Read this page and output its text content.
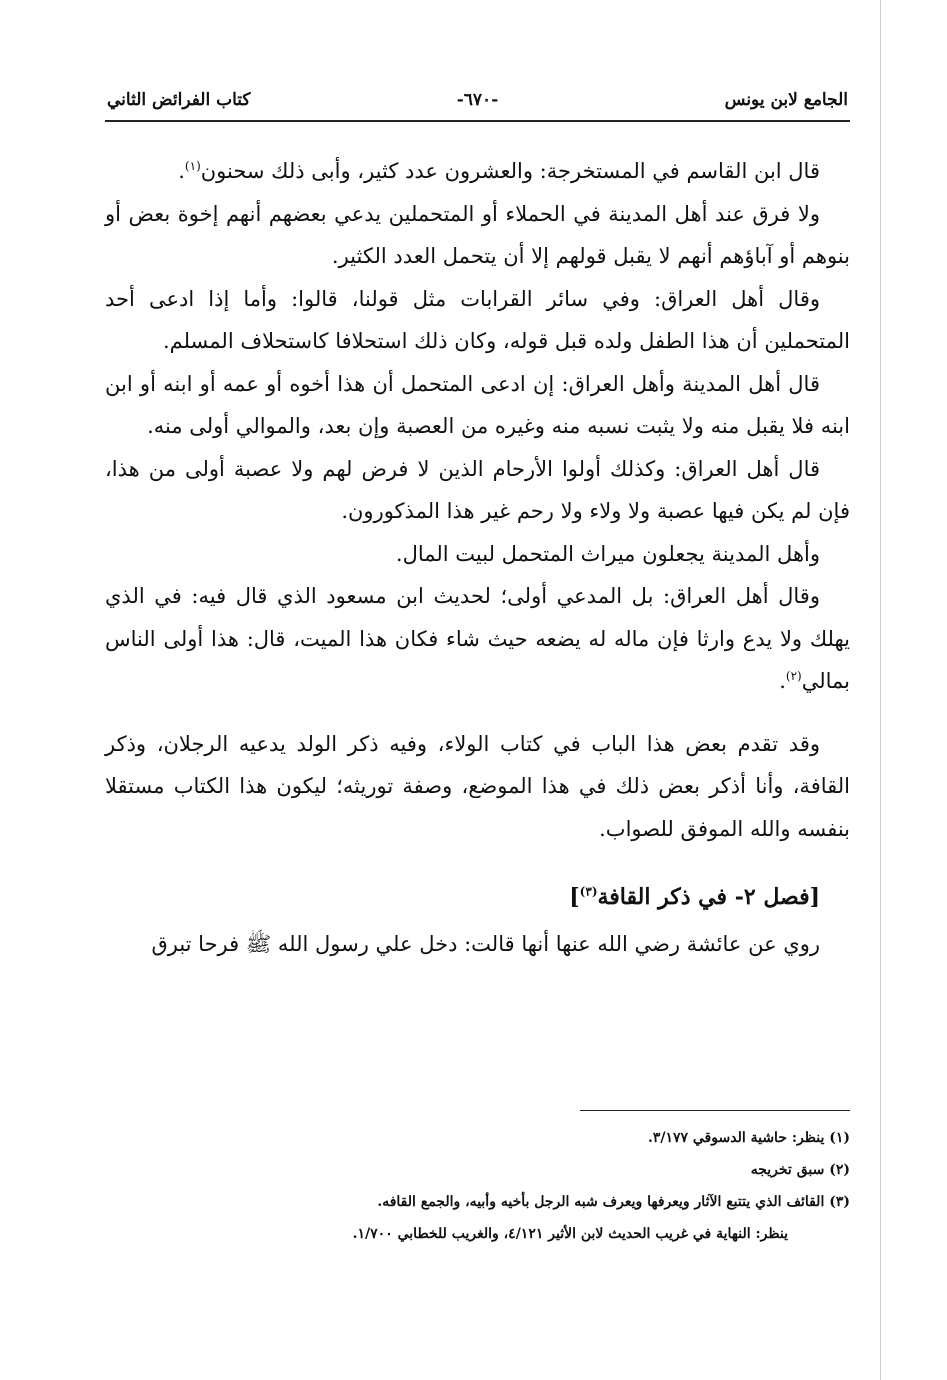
الجامع لابن يونس
-٦٧٠-
كتاب الفرائض الثاني

قال ابن القاسم في المستخرجة: والعشرون عدد كثير، وأبى ذلك سحنون$^{(١)}$.

ولا فرق عند أهل المدينة في الحملاء أو المتحملين يدعي بعضهم أنهم إخوة بعض أو بنوهم أو آباؤهم أنهم لا يقبل قولهم إلا أن يتحمل العدد الكثير.

وقال أهل العراق: وفي سائر القرابات مثل قولنا، قالوا: وأما إذا ادعى أحد المتحملين أن هذا الطفل ولده قبل قوله، وكان ذلك استحلافا كاستحلاف المسلم.

قال أهل المدينة وأهل العراق: إن ادعى المتحمل أن هذا أخوه أو عمه أو ابنه أو ابن ابنه فلا يقبل منه ولا يثبت نسبه منه وغيره من العصبة وإن بعد، والموالي أولى منه.

قال أهل العراق: وكذلك أولوا الأرحام الذين لا فرض لهم ولا عصبة أولى من هذا، فإن لم يكن فيها عصبة ولا ولاء ولا رحم غير هذا المذكورون.

وأهل المدينة يجعلون ميراث المتحمل لبيت المال.

وقال أهل العراق: بل المدعي أولى؛ لحديث ابن مسعود الذي قال فيه: في الذي يهلك ولا يدع وارثا فإن ماله له يضعه حيث شاء فكان هذا الميت، قال: هذا أولى الناس بمالي$^{(٢)}$.

وقد تقدم بعض هذا الباب في كتاب الولاء، وفيه ذكر الولد يدعيه الرجلان، وذكر القافة، وأنا أذكر بعض ذلك في هذا الموضع، وصفة توريثه؛ ليكون هذا الكتاب مستقلا بنفسه والله الموفق للصواب.

[فصل ٢- في ذكر القافة$^{(٣)}$]

روي عن عائشة رضي الله عنها أنها قالت: دخل علي رسول الله ﷺ فرحا تبرق

(١) ينظر: حاشية الدسوقي ٣/١٧٧.

(٢) سبق تخريجه

(٣) القائف الذي يتتبع الآثار ويعرفها ويعرف شبه الرجل بأخيه وأبيه، والجمع القافه.

ينظر: النهاية في غريب الحديث لابن الأثير ٤/١٢١، والغريب للخطابي ١/٧٠٠.
